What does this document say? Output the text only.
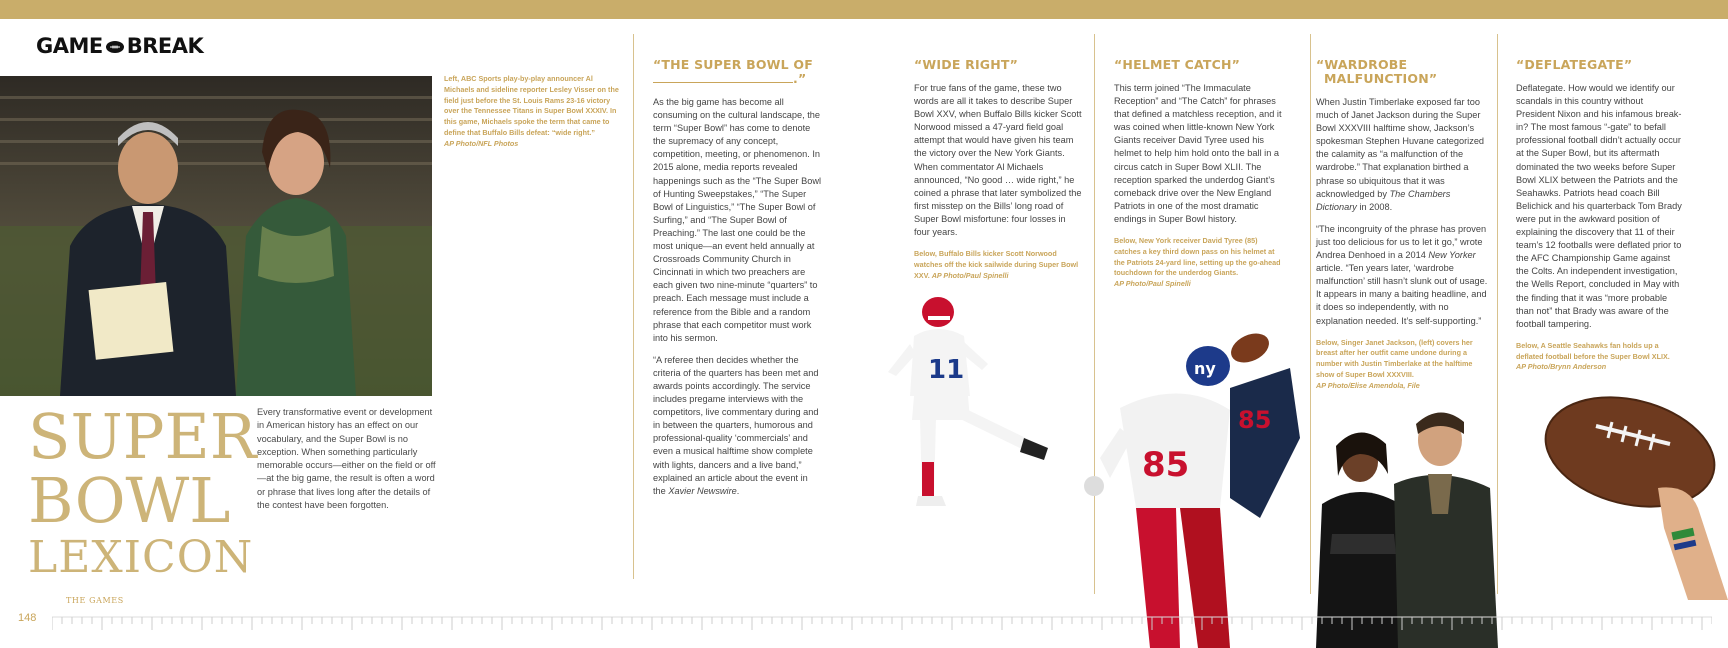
GAME BREAK
Left, ABC Sports play-by-play announcer Al Michaels and sideline reporter Lesley Visser on the field just before the St. Louis Rams 23-16 victory over the Tennessee Titans in Super Bowl XXXIV. In this game, Michaels spoke the term that came to define that Buffalo Bills defeat: “wide right.”
AP Photo/NFL Photos
SUPER
BOWL
LEXICON
Every transformative event or development in American history has an effect on our vocabulary, and the Super Bowl is no exception. When something particularly memorable occurs—either on the field or off—at the big game, the result is often a word or phrase that lives long after the details of the contest have been forgotten.
“THE SUPER BOWL OF
.”

As the big game has become all consuming on the cultural landscape, the term “Super Bowl” has come to denote the supremacy of any concept, competition, meeting, or phenomenon. In 2015 alone, media reports revealed happenings such as the “The Super Bowl of Hunting Sweepstakes,” “The Super Bowl of Linguistics,” “The Super Bowl of Surfing,” and “The Super Bowl of Preaching.” The last one could be the most unique—an event held annually at Crossroads Community Church in Cincinnati in which two preachers are each given two nine-minute “quarters” to preach. Each message must include a reference from the Bible and a random phrase that each competitor must work into his sermon.

“A referee then decides whether the criteria of the quarters has been met and awards points accordingly. The service includes pregame interviews with the competitors, live commentary during and in between the quarters, humorous and professional-quality ‘commercials’ and even a musical halftime show complete with lights, dancers and a live band,” explained an article about the event in the Xavier Newswire.

“WIDE RIGHT”

For true fans of the game, these two words are all it takes to describe Super Bowl XXV, when Buffalo Bills kicker Scott Norwood missed a 47-yard field goal attempt that would have given his team the victory over the New York Giants. When commentator Al Michaels announced, “No good … wide right,” he coined a phrase that later symbolized the first misstep on the Bills’ long road of Super Bowl misfortune: four losses in four years.

Below, Buffalo Bills kicker Scott Norwood watches off the kick sailwide during Super Bowl XXV. AP Photo/Paul Spinelli
“HELMET CATCH”

This term joined “The Immaculate Reception” and “The Catch” for phrases that defined a matchless reception, and it was coined when little-known New York Giants receiver David Tyree used his helmet to help him hold onto the ball in a circus catch in Super Bowl XLII. The reception sparked the underdog Giant’s comeback drive over the New England Patriots in one of the most dramatic endings in Super Bowl history.

Below, New York receiver David Tyree (85) catches a key third down pass on his helmet at the Patriots 24-yard line, setting up the go-ahead touchdown for the underdog Giants.
AP Photo/Paul Spinelli
“WARDROBE
MALFUNCTION”

When Justin Timberlake exposed far too much of Janet Jackson during the Super Bowl XXXVIII halftime show, Jackson’s spokesman Stephen Huvane categorized the calamity as “a malfunction of the wardrobe.” That explanation birthed a phrase so ubiquitous that it was acknowledged by The Chambers Dictionary in 2008.

“The incongruity of the phrase has proven just too delicious for us to let it go,” wrote Andrea Denhoed in a 2014 New Yorker article. “Ten years later, ‘wardrobe malfunction’ still hasn’t slunk out of usage. It appears in many a baiting headline, and it does so independently, with no explanation needed. It’s self-supporting.”

Below, Singer Janet Jackson, (left) covers her breast after her outfit came undone during a number with Justin Timberlake at the halftime show of Super Bowl XXXVIII.
AP Photo/Elise Amendola, File
“DEFLATEGATE”

Deflategate. How would we identify our scandals in this country without President Nixon and his infamous break-in? The most famous “-gate” to befall professional football didn’t actually occur at the Super Bowl, but its aftermath dominated the two weeks before Super Bowl XLIX between the Patriots and the Seahawks. Patriots head coach Bill Belichick and his quarterback Tom Brady were put in the awkward position of explaining the discovery that 11 of their team’s 12 footballs were deflated prior to the AFC Championship Game against the Colts. An independent investigation, the Wells Report, concluded in May with the finding that it was “more probable than not” that Brady was aware of the football tampering.

Below, A Seattle Seahawks fan holds up a deflated football before the Super Bowl XLIX.
AP Photo/Brynn Anderson
11	ny
85
85
148
THE GAMES
